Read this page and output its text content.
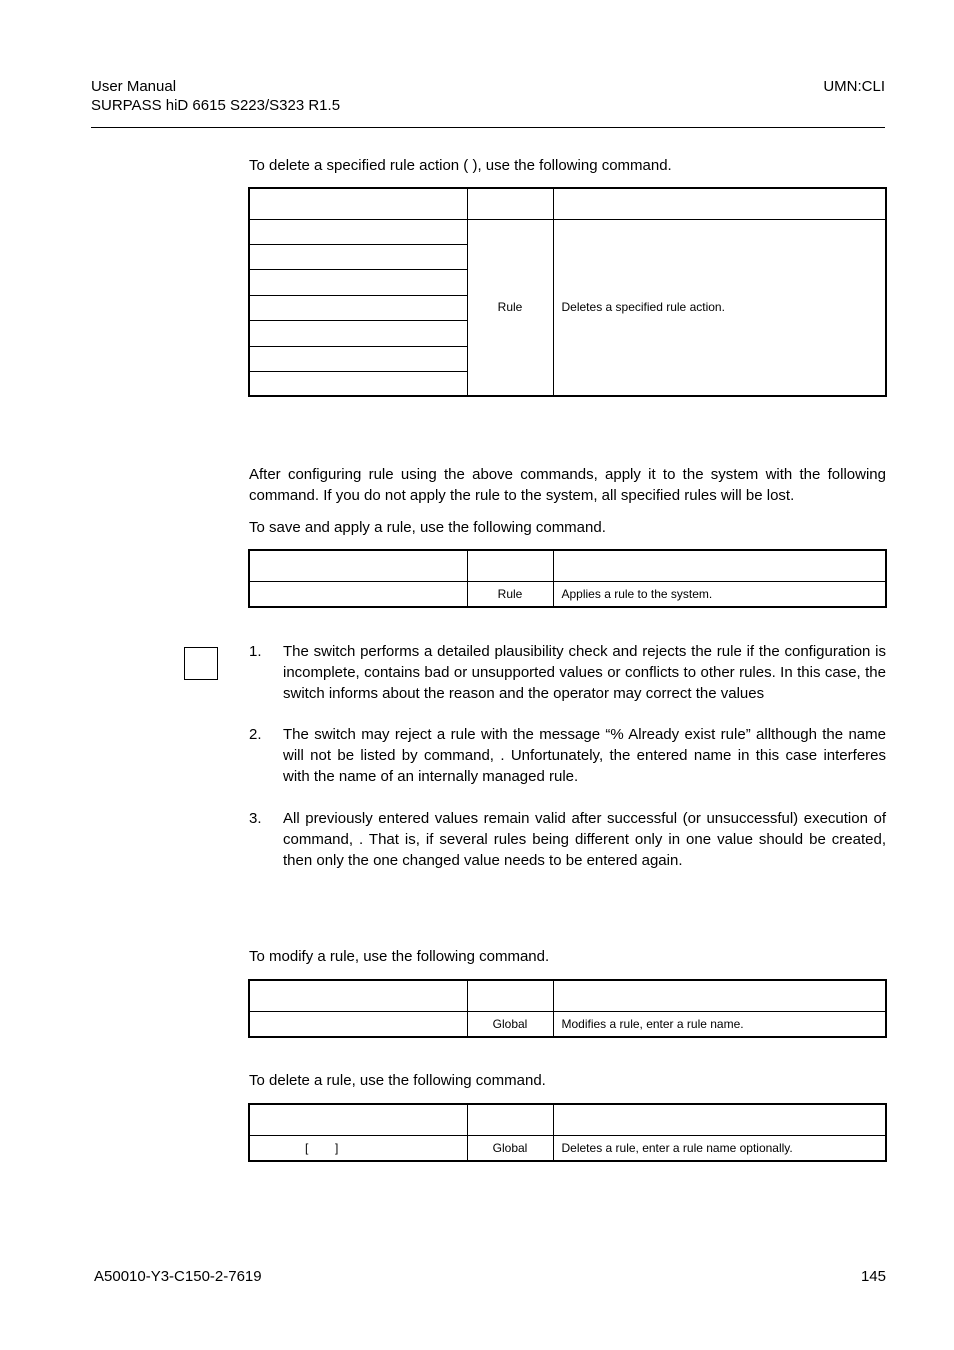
User Manual
SURPASS hiD 6615 S223/S323 R1.5
UMN:CLI
To delete a specified rule action ( ), use the following command.

	Rule	Deletes a specified rule action.

After configuring rule using the above commands, apply it to the system with the following command. If you do not apply the rule to the system, all specified rules will be lost.
To save and apply a rule, use the following command.

	Rule	Applies a rule to the system.
1. The switch performs a detailed plausibility check and rejects the rule if the configuration is incomplete, contains bad or unsupported values or conflicts to other rules. In this case, the switch informs about the reason and the operator may correct the values
2. The switch may reject a rule with the message “% Already exist rule” allthough the name will not be listed by command, . Unfortunately, the entered name in this case interferes with the name of an internally managed rule.
3. All previously entered values remain valid after successful (or unsuccessful) execution of command, . That is, if several rules being different only in one value should be created, then only the one changed value needs to be entered again.
To modify a rule, use the following command.

	Global	Modifies a rule, enter a rule name.
To delete a rule, use the following command.

[        ]	Global	Deletes a rule, enter a rule name optionally.
A50010-Y3-C150-2-7619	145
